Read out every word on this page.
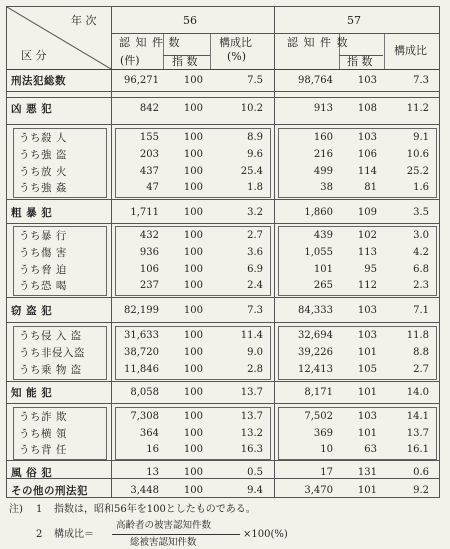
年 次
区 分
56	57
認 知 件 数
(件)	指 数
構成比
(%)
認 知 件 数
指 数
構成比
刑法犯総数	96,271 100	7.5	98,764 103	7.3
凶 悪 犯	842 100	10.2	913 108	11.2
うち殺 人	155 100	8.9	160 103	9.1
うち強 盗	203 100	9.6	216 106	10.6
うち放 火	437 100	25.4	499 114	25.2
うち強 姦	47 100	1.8	38	81	1.6
粗 暴 犯	1,711 100	3.2	1,860 109	3.5
うち暴 行	432 100	2.7	439 102	3.0
うち傷 害	936 100	3.6	1,055 113	4.2
うち脅 迫	106 100	6.9	101	95	6.8
うち恐 喝	237 100	2.4	265 112	2.3
窃 盗 犯	82,199 100	7.3	84,333 103	7.1
うち侵 入 盗	31,633 100	11.4	32,694 103	11.8
うち非侵入盗	38,720 100	9.0	39,226 101	8.8
うち乗 物 盗	11,846 100	2.8	12,413 105	2.7
知 能 犯	8,058 100	13.7	8,171 101	14.0
うち詐 欺	7,308 100	13.7	7,502 103	14.1
うち横 領	364 100	13.2	369 101	13.7
うち背 任	16 100	16.3	10	63	16.1
風 俗 犯	13 100	0.5	17 131	0.6
その他の刑法犯	3,448 100	9.4	3,470 101	9.2
注) 1 指数は，昭和56年を100としたものである。
2 構成比＝
高齢者の被害認知件数
総被害認知件数
×100(%)
